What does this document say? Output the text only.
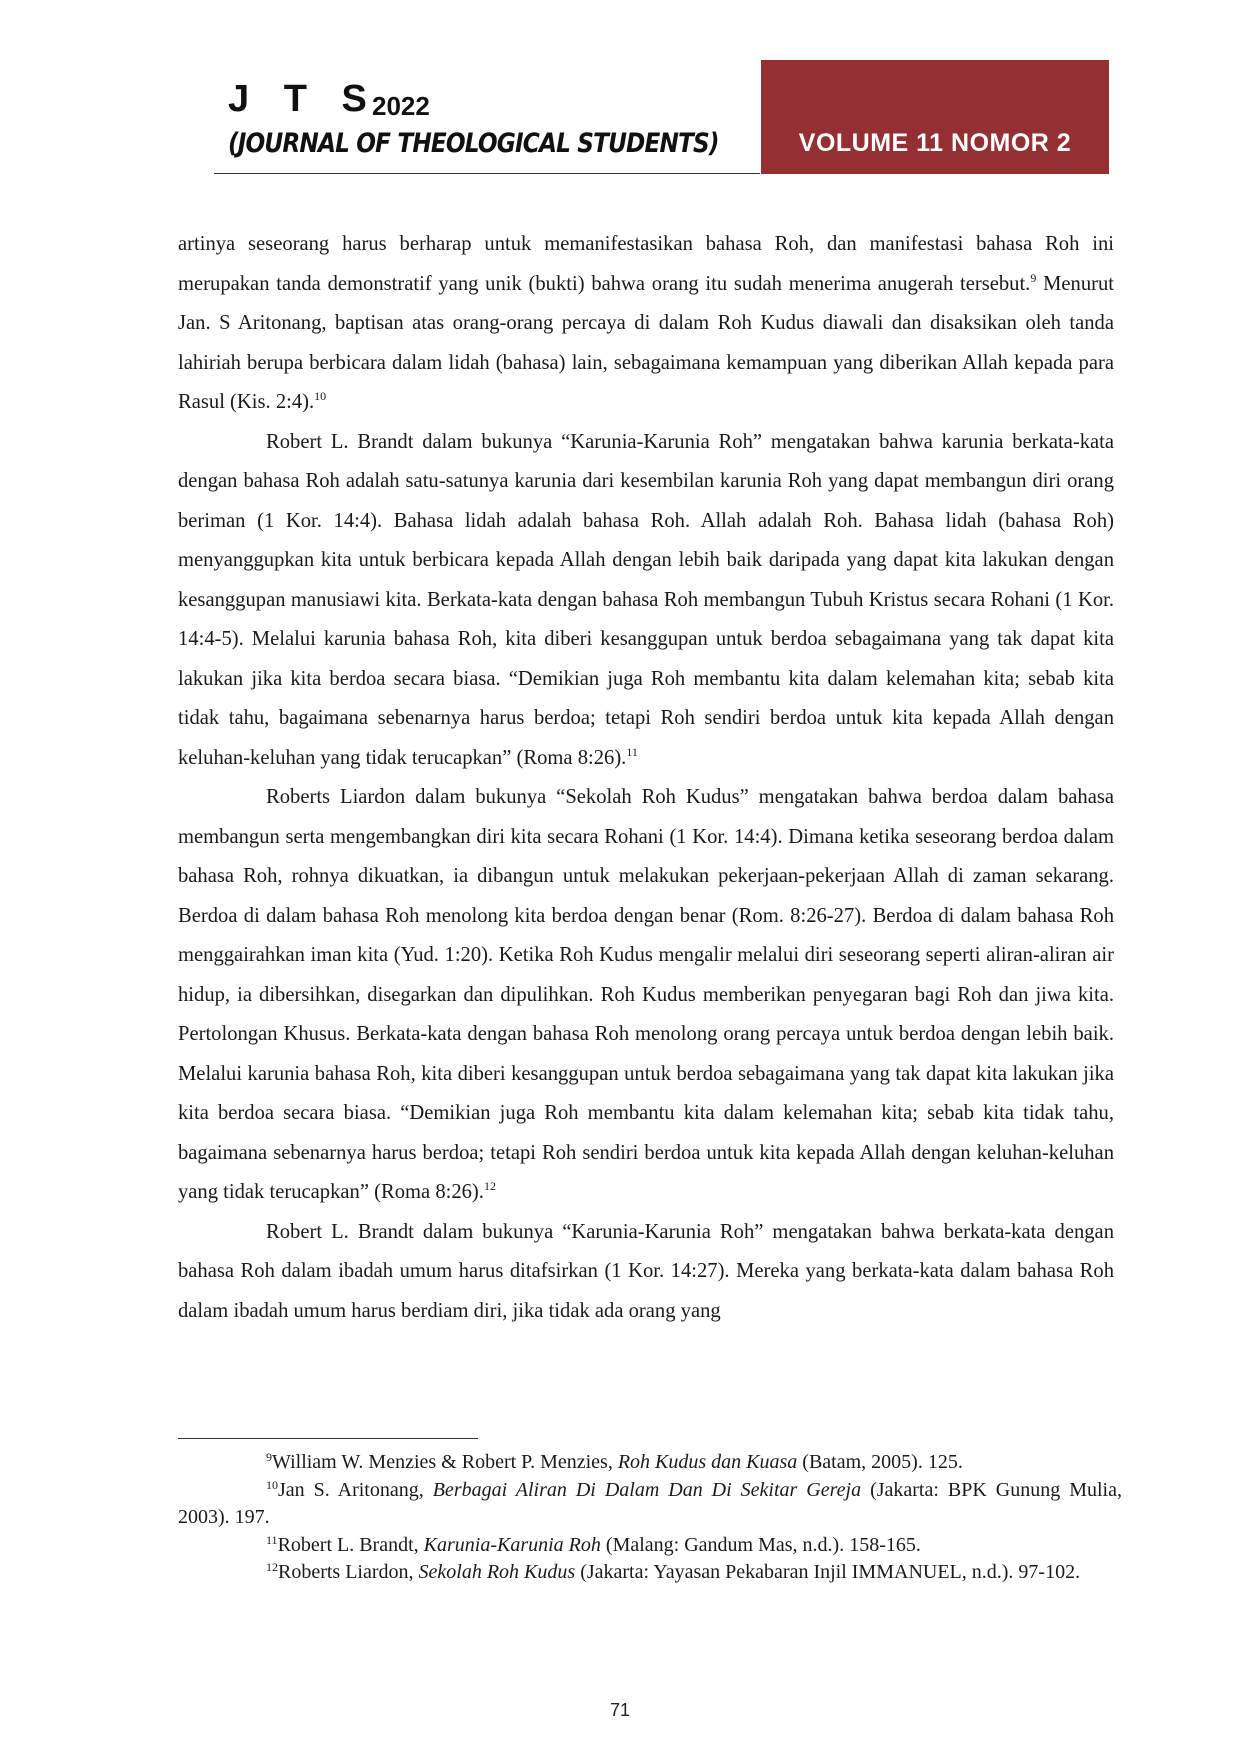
J T S
2022
(JOURNAL OF THEOLOGICAL STUDENTS)	VOLUME 11 NOMOR 2

artinya seseorang harus berharap untuk memanifestasikan bahasa Roh, dan manifestasi bahasa Roh ini merupakan tanda demonstratif yang unik (bukti) bahwa orang itu sudah menerima anugerah tersebut.$^9$ Menurut Jan. S Aritonang, baptisan atas orang-orang percaya di dalam Roh Kudus diawali dan disaksikan oleh tanda lahiriah berupa berbicara dalam lidah (bahasa) lain, sebagaimana kemampuan yang diberikan Allah kepada para Rasul (Kis. 2:4).$^{10}$

Robert L. Brandt dalam bukunya “Karunia-Karunia Roh” mengatakan bahwa karunia berkata-kata dengan bahasa Roh adalah satu-satunya karunia dari kesembilan karunia Roh yang dapat membangun diri orang beriman (1 Kor. 14:4). Bahasa lidah adalah bahasa Roh. Allah adalah Roh. Bahasa lidah (bahasa Roh) menyanggupkan kita untuk berbicara kepada Allah dengan lebih baik daripada yang dapat kita lakukan dengan kesanggupan manusiawi kita. Berkata-kata dengan bahasa Roh membangun Tubuh Kristus secara Rohani (1 Kor. 14:4-5). Melalui karunia bahasa Roh, kita diberi kesanggupan untuk berdoa sebagaimana yang tak dapat kita lakukan jika kita berdoa secara biasa. “Demikian juga Roh membantu kita dalam kelemahan kita; sebab kita tidak tahu, bagaimana sebenarnya harus berdoa; tetapi Roh sendiri berdoa untuk kita kepada Allah dengan keluhan-keluhan yang tidak terucapkan” (Roma 8:26).$^{11}$

Roberts Liardon dalam bukunya “Sekolah Roh Kudus” mengatakan bahwa berdoa dalam bahasa membangun serta mengembangkan diri kita secara Rohani (1 Kor. 14:4). Dimana ketika seseorang berdoa dalam bahasa Roh, rohnya dikuatkan, ia dibangun untuk melakukan pekerjaan-pekerjaan Allah di zaman sekarang. Berdoa di dalam bahasa Roh menolong kita berdoa dengan benar (Rom. 8:26-27). Berdoa di dalam bahasa Roh menggairahkan iman kita (Yud. 1:20). Ketika Roh Kudus mengalir melalui diri seseorang seperti aliran-aliran air hidup, ia dibersihkan, disegarkan dan dipulihkan. Roh Kudus memberikan penyegaran bagi Roh dan jiwa kita. Pertolongan Khusus. Berkata-kata dengan bahasa Roh menolong orang percaya untuk berdoa dengan lebih baik. Melalui karunia bahasa Roh, kita diberi kesanggupan untuk berdoa sebagaimana yang tak dapat kita lakukan jika kita berdoa secara biasa. “Demikian juga Roh membantu kita dalam kelemahan kita; sebab kita tidak tahu, bagaimana sebenarnya harus berdoa; tetapi Roh sendiri berdoa untuk kita kepada Allah dengan keluhan-keluhan yang tidak terucapkan” (Roma 8:26).$^{12}$

Robert L. Brandt dalam bukunya “Karunia-Karunia Roh” mengatakan bahwa berkata-kata dengan bahasa Roh dalam ibadah umum harus ditafsirkan (1 Kor. 14:27). Mereka yang berkata-kata dalam bahasa Roh dalam ibadah umum harus berdiam diri, jika tidak ada orang yang

$^9$William W. Menzies & Robert P. Menzies, Roh Kudus dan Kuasa (Batam, 2005). 125.

$^{10}$Jan S. Aritonang, Berbagai Aliran Di Dalam Dan Di Sekitar Gereja (Jakarta: BPK Gunung Mulia, 2003). 197.

$^{11}$Robert L. Brandt, Karunia-Karunia Roh (Malang: Gandum Mas, n.d.). 158-165.

$^{12}$Roberts Liardon, Sekolah Roh Kudus (Jakarta: Yayasan Pekabaran Injil IMMANUEL, n.d.). 97-102.

71
